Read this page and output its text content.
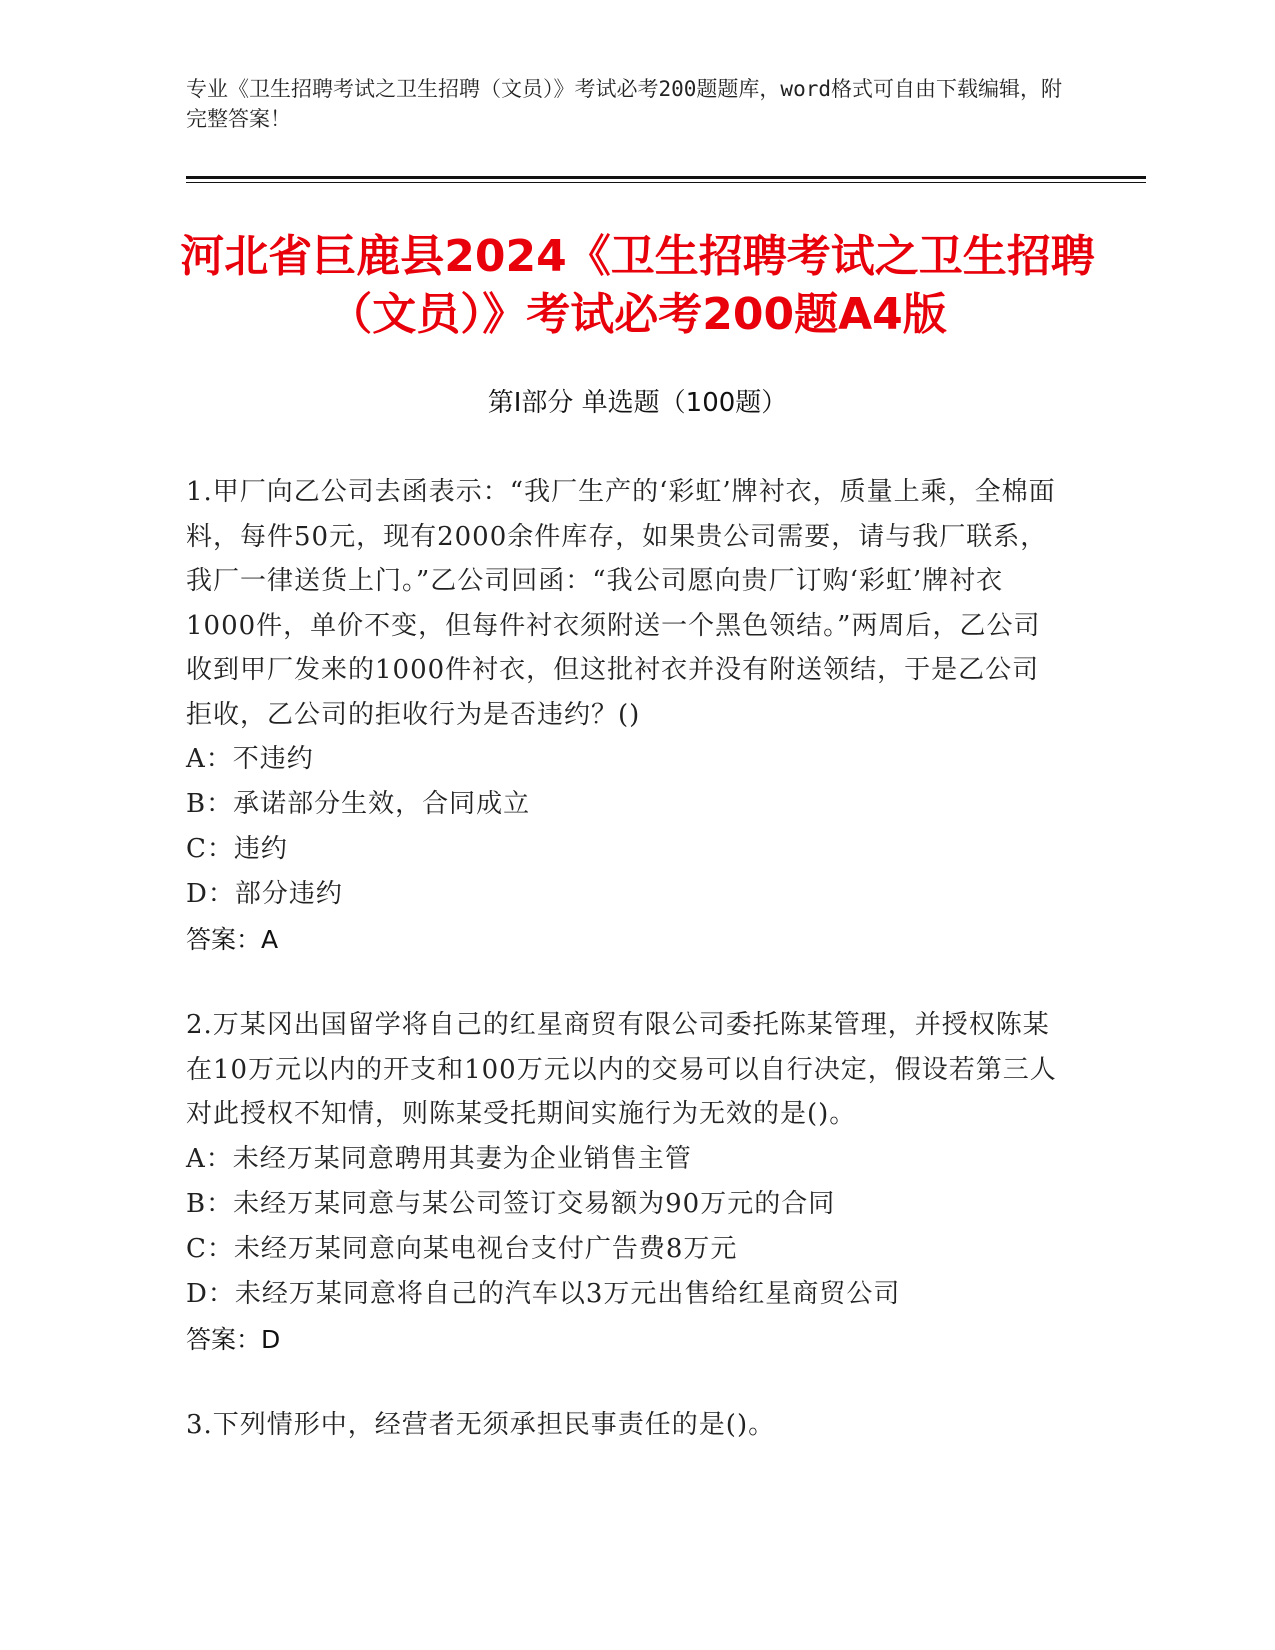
专业《卫生招聘考试之卫生招聘（文员）》考试必考200题题库，word格式可自由下载编辑，附完整答案！
河北省巨鹿县2024《卫生招聘考试之卫生招聘（文员）》考试必考200题A4版
第Ⅰ部分 单选题（100题）
1.甲厂向乙公司去函表示：“我厂生产的‘彩虹’牌衬衣，质量上乘，全棉面料，每件50元，现有2000余件库存，如果贵公司需要，请与我厂联系，我厂一律送货上门。”乙公司回函：“我公司愿向贵厂订购‘彩虹’牌衬衣1000件，单价不变，但每件衬衣须附送一个黑色领结。”两周后，乙公司收到甲厂发来的1000件衬衣，但这批衬衣并没有附送领结，于是乙公司拒收，乙公司的拒收行为是否违约？()
A：不违约
B：承诺部分生效，合同成立
C：违约
D：部分违约
答案：A
2.万某冈出国留学将自己的红星商贸有限公司委托陈某管理，并授权陈某在10万元以内的开支和100万元以内的交易可以自行决定，假设若第三人对此授权不知情，则陈某受托期间实施行为无效的是()。
A：未经万某同意聘用其妻为企业销售主管
B：未经万某同意与某公司签订交易额为90万元的合同
C：未经万某同意向某电视台支付广告费8万元
D：未经万某同意将自己的汽车以3万元出售给红星商贸公司
答案：D
3.下列情形中，经营者无须承担民事责任的是()。
